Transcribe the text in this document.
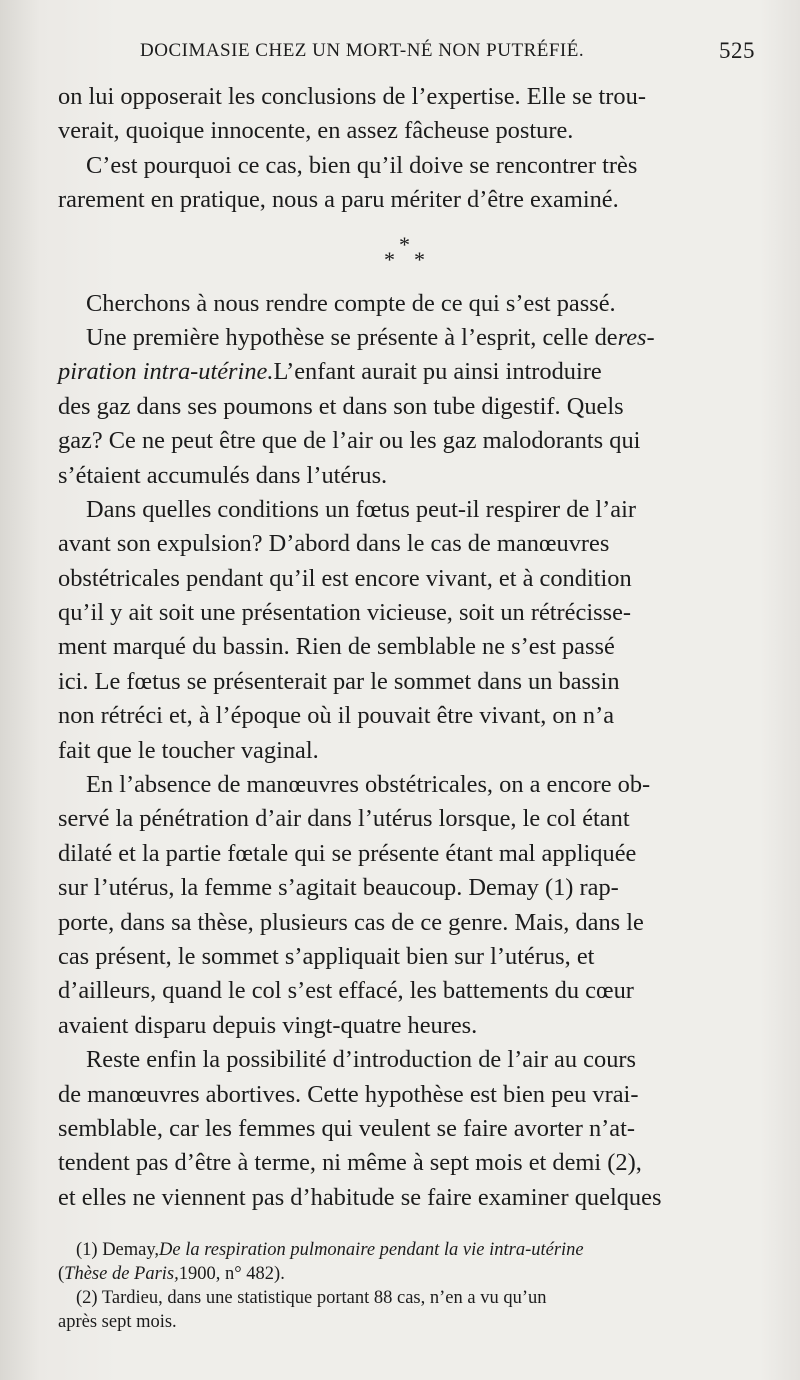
DOCIMASIE CHEZ UN MORT-NÉ NON PUTRÉFIÉ.	525
on lui opposerait les conclusions de l’expertise. Elle se trou-
verait, quoique innocente, en assez fâcheuse posture.
C’est pourquoi ce cas, bien qu’il doive se rencontrer très
rarement en pratique, nous a paru mériter d’être examiné.
*
* *
Cherchons à nous rendre compte de ce qui s’est passé.
Une première hypothèse se présente à l’esprit, celle deres-
piration intra-utérine.L’enfant aurait pu ainsi introduire
des gaz dans ses poumons et dans son tube digestif. Quels
gaz? Ce ne peut être que de l’air ou les gaz malodorants qui
s’étaient accumulés dans l’utérus.
Dans quelles conditions un fœtus peut-il respirer de l’air
avant son expulsion? D’abord dans le cas de manœuvres
obstétricales pendant qu’il est encore vivant, et à condition
qu’il y ait soit une présentation vicieuse, soit un rétrécisse-
ment marqué du bassin. Rien de semblable ne s’est passé
ici. Le fœtus se présenterait par le sommet dans un bassin
non rétréci et, à l’époque où il pouvait être vivant, on n’a
fait que le toucher vaginal.
En l’absence de manœuvres obstétricales, on a encore ob-
servé la pénétration d’air dans l’utérus lorsque, le col étant
dilaté et la partie fœtale qui se présente étant mal appliquée
sur l’utérus, la femme s’agitait beaucoup. Demay (1) rap-
porte, dans sa thèse, plusieurs cas de ce genre. Mais, dans le
cas présent, le sommet s’appliquait bien sur l’utérus, et
d’ailleurs, quand le col s’est effacé, les battements du cœur
avaient disparu depuis vingt-quatre heures.
Reste enfin la possibilité d’introduction de l’air au cours
de manœuvres abortives. Cette hypothèse est bien peu vrai-
semblable, car les femmes qui veulent se faire avorter n’at-
tendent pas d’être à terme, ni même à sept mois et demi (2),
et elles ne viennent pas d’habitude se faire examiner quelques
(1) Demay,De la respiration pulmonaire pendant la vie intra-utérine
(Thèse de Paris,1900, n° 482).
(2) Tardieu, dans une statistique portant 88 cas, n’en a vu qu’un
après sept mois.
